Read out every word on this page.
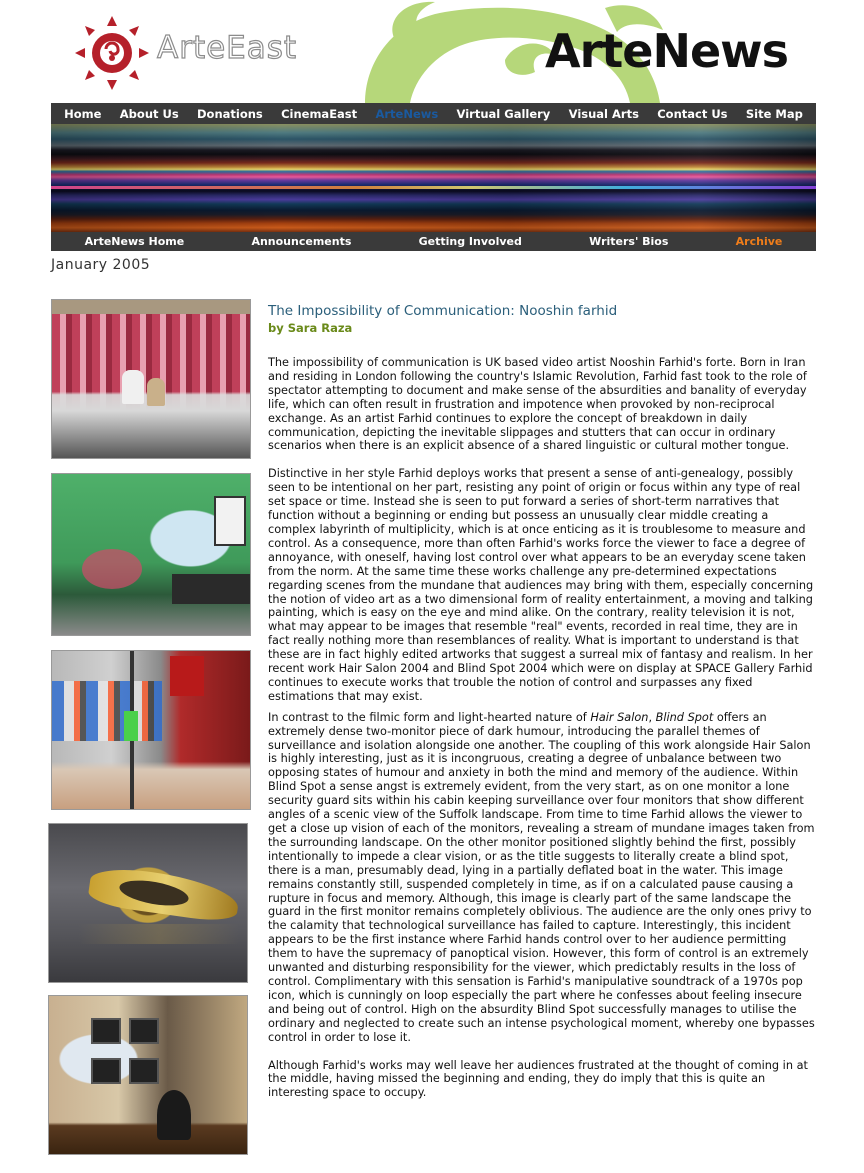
ArteEast	ArteNews
Home About Us Donations CinemaEast ArteNews Virtual Gallery Visual Arts Contact Us Site Map
ArteNews Home	Announcements	Getting Involved	Writers' Bios	Archive
January 2005
The Impossibility of Communication: Nooshin farhid
by Sara Raza

The impossibility of communication is UK based video artist Nooshin Farhid's forte. Born in Iran and residing in London following the country's Islamic Revolution, Farhid fast took to the role of spectator attempting to document and make sense of the absurdities and banality of everyday life, which can often result in frustration and impotence when provoked by non-reciprocal exchange. As an artist Farhid continues to explore the concept of breakdown in daily communication, depicting the inevitable slippages and stutters that can occur in ordinary scenarios when there is an explicit absence of a shared linguistic or cultural mother tongue.

Distinctive in her style Farhid deploys works that present a sense of anti-genealogy, possibly seen to be intentional on her part, resisting any point of origin or focus within any type of real set space or time. Instead she is seen to put forward a series of short-term narratives that function without a beginning or ending but possess an unusually clear middle creating a complex labyrinth of multiplicity, which is at once enticing as it is troublesome to measure and control. As a consequence, more than often Farhid's works force the viewer to face a degree of annoyance, with oneself, having lost control over what appears to be an everyday scene taken from the norm. At the same time these works challenge any pre-determined expectations regarding scenes from the mundane that audiences may bring with them, especially concerning the notion of video art as a two dimensional form of reality entertainment, a moving and talking painting, which is easy on the eye and mind alike. On the contrary, reality television it is not, what may appear to be images that resemble "real" events, recorded in real time, they are in fact really nothing more than resemblances of reality. What is important to understand is that these are in fact highly edited artworks that suggest a surreal mix of fantasy and realism. In her recent work Hair Salon 2004 and Blind Spot 2004 which were on display at SPACE Gallery Farhid continues to execute works that trouble the notion of control and surpasses any fixed estimations that may exist.

In contrast to the filmic form and light-hearted nature of Hair Salon, Blind Spot offers an extremely dense two-monitor piece of dark humour, introducing the parallel themes of surveillance and isolation alongside one another. The coupling of this work alongside Hair Salon is highly interesting, just as it is incongruous, creating a degree of unbalance between two opposing states of humour and anxiety in both the mind and memory of the audience. Within Blind Spot a sense angst is extremely evident, from the very start, as on one monitor a lone security guard sits within his cabin keeping surveillance over four monitors that show different angles of a scenic view of the Suffolk landscape. From time to time Farhid allows the viewer to get a close up vision of each of the monitors, revealing a stream of mundane images taken from the surrounding landscape. On the other monitor positioned slightly behind the first, possibly intentionally to impede a clear vision, or as the title suggests to literally create a blind spot, there is a man, presumably dead, lying in a partially deflated boat in the water. This image remains constantly still, suspended completely in time, as if on a calculated pause causing a rupture in focus and memory. Although, this image is clearly part of the same landscape the guard in the first monitor remains completely oblivious. The audience are the only ones privy to the calamity that technological surveillance has failed to capture. Interestingly, this incident appears to be the first instance where Farhid hands control over to her audience permitting them to have the supremacy of panoptical vision. However, this form of control is an extremely unwanted and disturbing responsibility for the viewer, which predictably results in the loss of control. Complimentary with this sensation is Farhid's manipulative soundtrack of a 1970s pop icon, which is cunningly on loop especially the part where he confesses about feeling insecure and being out of control. High on the absurdity Blind Spot successfully manages to utilise the ordinary and neglected to create such an intense psychological moment, whereby one bypasses control in order to lose it.

Although Farhid's works may well leave her audiences frustrated at the thought of coming in at the middle, having missed the beginning and ending, they do imply that this is quite an interesting space to occupy.
